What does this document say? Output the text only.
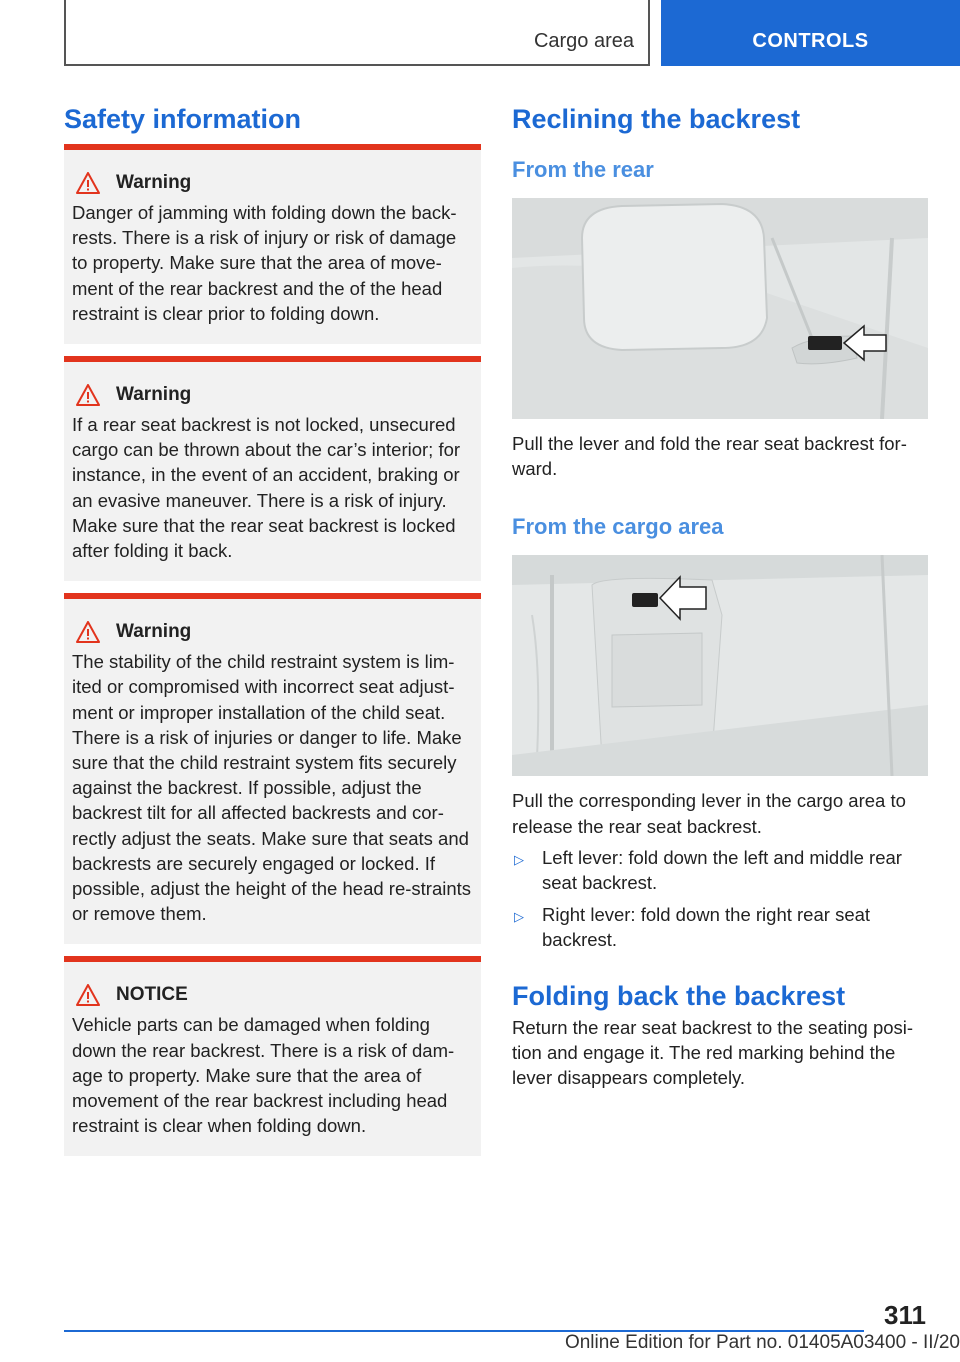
Cargo area	CONTROLS
Safety information
Warning
Danger of jamming with folding down the back-rests. There is a risk of injury or risk of damage to property. Make sure that the area of move-ment of the rear backrest and the of the head restraint is clear prior to folding down.
Warning
If a rear seat backrest is not locked, unsecured cargo can be thrown about the car’s interior; for instance, in the event of an accident, braking or an evasive maneuver. There is a risk of injury. Make sure that the rear seat backrest is locked after folding it back.
Warning
The stability of the child restraint system is lim-ited or compromised with incorrect seat adjust-ment or improper installation of the child seat. There is a risk of injuries or danger to life. Make sure that the child restraint system fits securely against the backrest. If possible, adjust the backrest tilt for all affected backrests and cor-rectly adjust the seats. Make sure that seats and backrests are securely engaged or locked. If possible, adjust the height of the head re-straints or remove them.
NOTICE
Vehicle parts can be damaged when folding down the rear backrest. There is a risk of dam-age to property. Make sure that the area of movement of the rear backrest including head restraint is clear when folding down.
Reclining the backrest
From the rear

Pull the lever and fold the rear seat backrest for-ward.

From the cargo area

Pull the corresponding lever in the cargo area to release the rear seat backrest.

▷ Left lever: fold down the left and middle rear seat backrest.
▷ Right lever: fold down the right rear seat backrest.
Folding back the backrest

Return the rear seat backrest to the seating posi-tion and engage it. The red marking behind the lever disappears completely.

311
Online Edition for Part no. 01405A03400 - II/20
